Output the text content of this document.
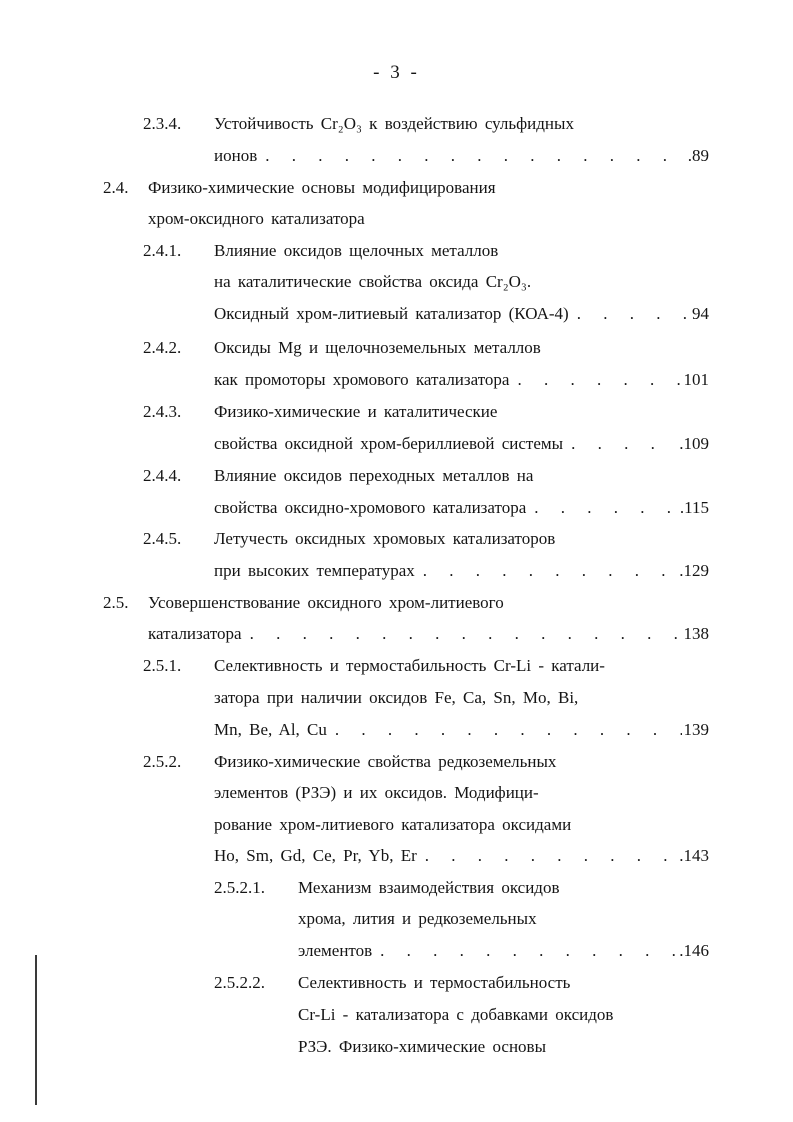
- 3 -
2.3.4. Устойчивость Cr₂O₃ к воздействию сульфидных
ионов . . .	.89
2.4. Физико-химические основы модифицирования
хром-оксидного катализатора
2.4.1. Влияние оксидов щелочных металлов
на каталитические свойства оксида Cr₂O₃.
Оксидный хром-литиевый катализатор (КОА-4) . . .	94
2.4.2. Оксиды Mg и щелочноземельных металлов
как промоторы хромового катализатора . . .	101
2.4.3. Физико-химические и каталитические
свойства оксидной хром-бериллиевой системы . . .	.109
2.4.4. Влияние оксидов переходных металлов на
свойства оксидно-хромового катализатора . . .	.115
2.4.5. Летучесть оксидных хромовых катализаторов
при высоких температурах . . .	.129
2.5. Усовершенствование оксидного хром-литиевого
катализатора . . .	138
2.5.1. Селективность и термостабильность Cr-Li - катали-
затора при наличии оксидов Fe, Ca, Sn, Mo, Bi,
Mn, Be, Al, Cu . . .	139
2.5.2. Физико-химические свойства редкоземельных
элементов (РЗЭ) и их оксидов. Модифици-
рование хром-литиевого катализатора оксидами
Ho, Sm, Gd, Ce, Pr, Yb, Er . . .	.143
2.5.2.1. Механизм взаимодействия оксидов
хрома, лития и редкоземельных
элементов . . .	.146
2.5.2.2. Селективность и термостабильность
Cr-Li - катализатора с добавками оксидов
РЗЭ. Физико-химические основы
